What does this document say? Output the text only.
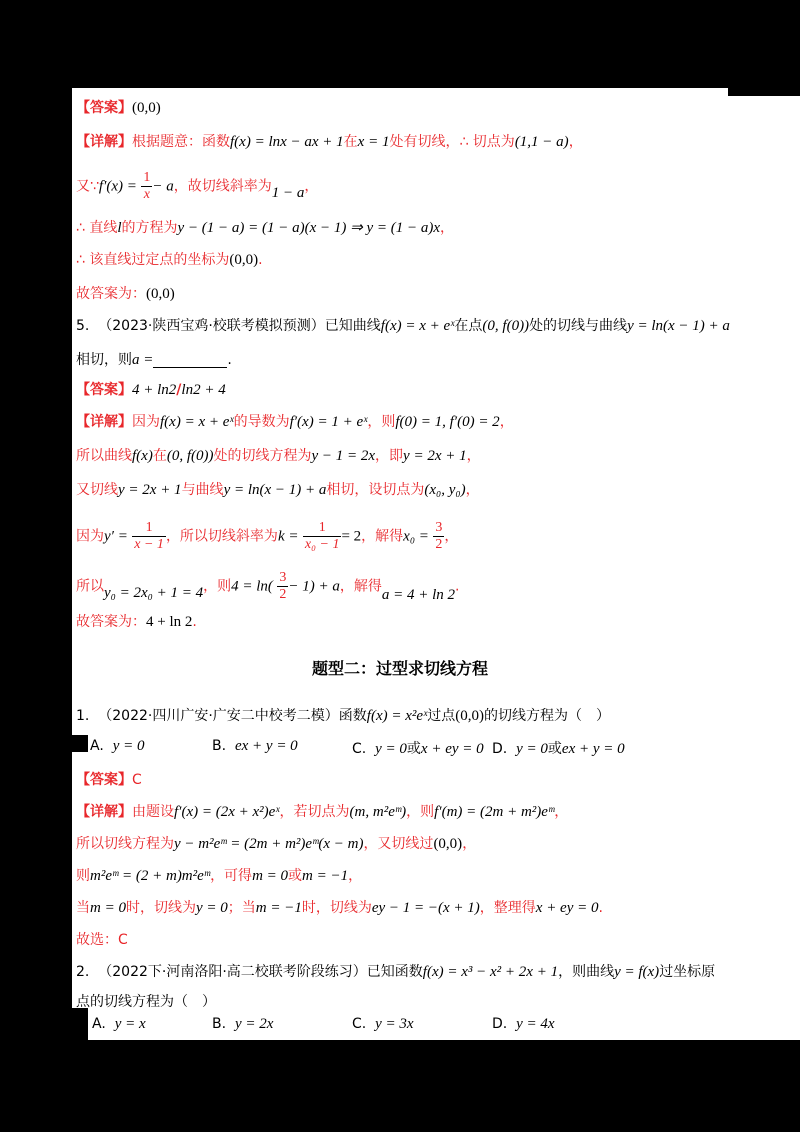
【答案】(0,0)
【详解】根据题意：函数f(x) = lnx − ax + 1在x = 1处有切线，∴ 切点为(1,1 − a)，
又∵f′(x) = $\frac{1}{x} - a$，故切线斜率为1 − a，
∴ 直线l的方程为y − (1 − a) = (1 − a)(x − 1) ⇒ y = (1 − a)x，
∴ 该直线过定点的坐标为(0,0).
故答案为：(0,0)
5. （2023·陕西宝鸡·校联考模拟预测）已知曲线f(x) = x + eˣ在点(0, f(0))处的切线与曲线y = ln(x − 1) + a
相切，则a =	.
【答案】4 + ln2/ln2 + 4
【详解】因为f(x) = x + eˣ的导数为f′(x) = 1 + eˣ，则f(0) = 1, f′(0) = 2，
所以曲线f(x)在(0, f(0))处的切线方程为y − 1 = 2x，即y = 2x + 1，
又切线y = 2x + 1与曲线y = ln(x − 1) + a相切，设切点为(x₀, y₀)，
因为$y' = \frac{1}{x - 1}$ ，所以切线斜率为$k = \frac{1}{\text{x₀ − 1}} = 2$，解得$x_0 = \frac{3}{2}$ ，
所以y₀ = 2x₀ + 1 = 4，则$4 = \ln( \frac{3}{2} - 1) + a$，解得a = 4 + ln 2.
故答案为：4 + ln 2.
题型二：过型求切线方程
1. （2022·四川广安·广安二中校考二模）函数f(x) = x²eˣ过点(0,0)的切线方程为（　）
A. y = 0	B. ex + y = 0	C. y = 0或x + ey = 0 D. y = 0或ex + y = 0
【答案】C
【详解】由题设f′(x) = (2x + x²)eˣ，若切点为(m, m²eᵐ)，则f′(m) = (2m + m²)eᵐ，
所以切线方程为y − m²eᵐ = (2m + m²)eᵐ(x − m)，又切线过(0,0)，
则m²eᵐ = (2 + m)m²eᵐ，可得m = 0或m = −1，
当m = 0时，切线为y = 0；当m = −1时，切线为ey − 1 = −(x + 1)，整理得x + ey = 0.
故选：C
2. （2022下·河南洛阳·高二校联考阶段练习）已知函数f(x) = x³ − x² + 2x + 1，则曲线y = f(x)过坐标原
点的切线方程为（　）
A. y = x	B. y = 2x	C. y = 3x	D. y = 4x
